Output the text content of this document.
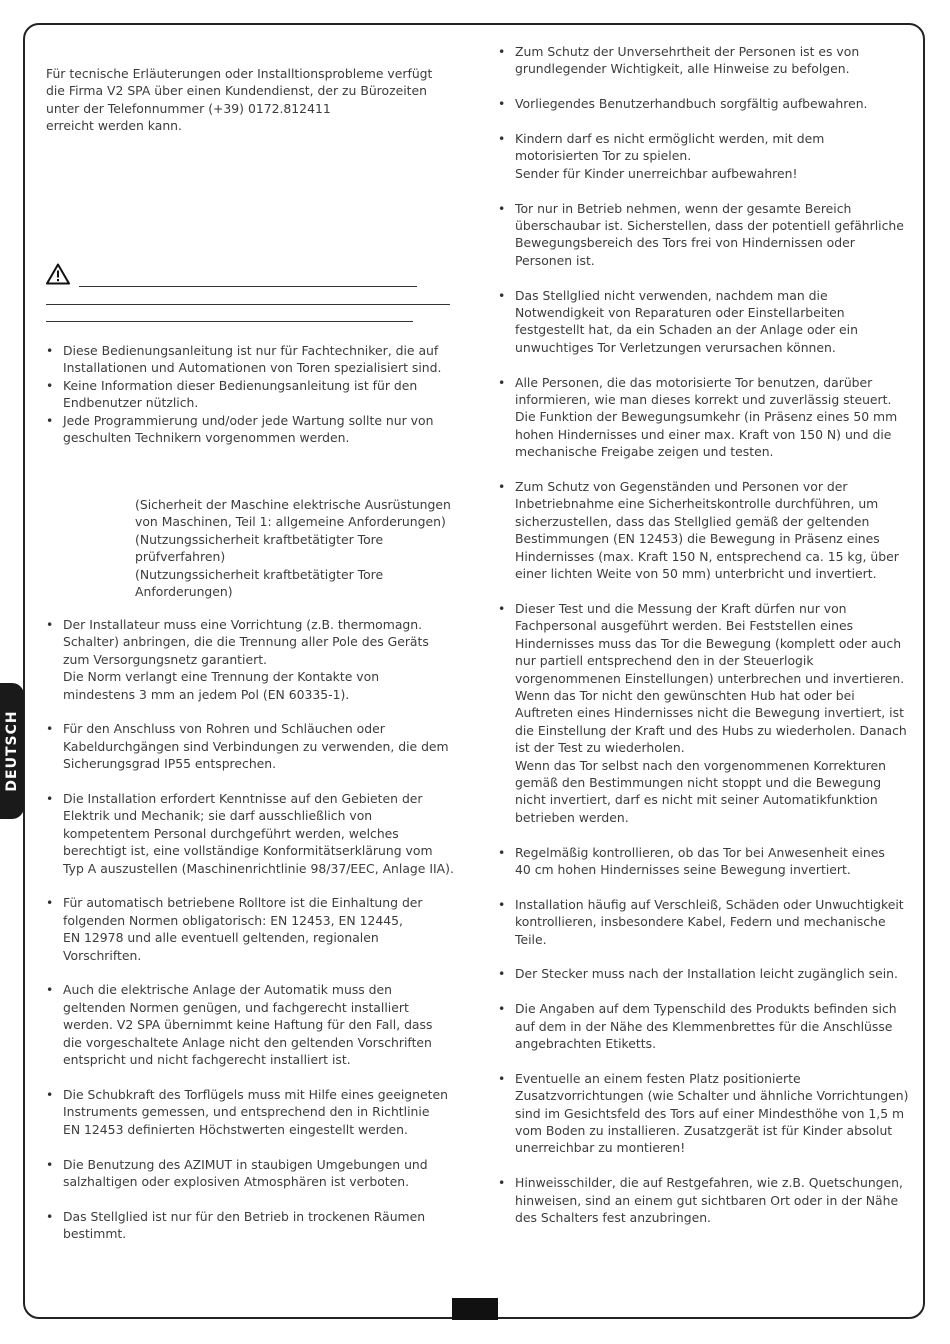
DEUTSCH

Für tecnische Erläuterungen oder Installtionsprobleme verfügt
die Firma V2 SPA über einen Kundendienst, der zu Bürozeiten
unter der Telefonnummer (+39) 0172.812411
erreicht werden kann.

• Diese Bedienungsanleitung ist nur für Fachtechniker, die auf
Installationen und Automationen von Toren spezialisiert sind.
• Keine Information dieser Bedienungsanleitung ist für den
Endbenutzer nützlich.
• Jede Programmierung und/oder jede Wartung sollte nur von
geschulten Technikern vorgenommen werden.
(Sicherheit der Maschine elektrische Ausrüstungen
von Maschinen, Teil 1: allgemeine Anforderungen)
(Nutzungssicherheit kraftbetätigter Tore
prüfverfahren)
(Nutzungssicherheit kraftbetätigter Tore
Anforderungen)
• Der Installateur muss eine Vorrichtung (z.B. thermomagn.
Schalter) anbringen, die die Trennung aller Pole des Geräts
zum Versorgungsnetz garantiert.
Die Norm verlangt eine Trennung der Kontakte von
mindestens 3 mm an jedem Pol (EN 60335-1).
• Für den Anschluss von Rohren und Schläuchen oder
Kabeldurchgängen sind Verbindungen zu verwenden, die dem
Sicherungsgrad IP55 entsprechen.
• Die Installation erfordert Kenntnisse auf den Gebieten der
Elektrik und Mechanik; sie darf ausschließlich von
kompetentem Personal durchgeführt werden, welches
berechtigt ist, eine vollständige Konformitätserklärung vom
Typ A auszustellen (Maschinenrichtlinie 98/37/EEC, Anlage IIA).
• Für automatisch betriebene Rolltore ist die Einhaltung der
folgenden Normen obligatorisch: EN 12453, EN 12445,
EN 12978 und alle eventuell geltenden, regionalen
Vorschriften.
• Auch die elektrische Anlage der Automatik muss den
geltenden Normen genügen, und fachgerecht installiert
werden. V2 SPA übernimmt keine Haftung für den Fall, dass
die vorgeschaltete Anlage nicht den geltenden Vorschriften
entspricht und nicht fachgerecht installiert ist.
• Die Schubkraft des Torflügels muss mit Hilfe eines geeigneten
Instruments gemessen, und entsprechend den in Richtlinie
EN 12453 definierten Höchstwerten eingestellt werden.
• Die Benutzung des AZIMUT in staubigen Umgebungen und
salzhaltigen oder explosiven Atmosphären ist verboten.
• Das Stellglied ist nur für den Betrieb in trockenen Räumen
bestimmt.
• Zum Schutz der Unversehrtheit der Personen ist es von
grundlegender Wichtigkeit, alle Hinweise zu befolgen.
• Vorliegendes Benutzerhandbuch sorgfältig aufbewahren.
• Kindern darf es nicht ermöglicht werden, mit dem
motorisierten Tor zu spielen.
Sender für Kinder unerreichbar aufbewahren!
• Tor nur in Betrieb nehmen, wenn der gesamte Bereich
überschaubar ist. Sicherstellen, dass der potentiell gefährliche
Bewegungsbereich des Tors frei von Hindernissen oder
Personen ist.
• Das Stellglied nicht verwenden, nachdem man die
Notwendigkeit von Reparaturen oder Einstellarbeiten
festgestellt hat, da ein Schaden an der Anlage oder ein
unwuchtiges Tor Verletzungen verursachen können.
• Alle Personen, die das motorisierte Tor benutzen, darüber
informieren, wie man dieses korrekt und zuverlässig steuert.
Die Funktion der Bewegungsumkehr (in Präsenz eines 50 mm
hohen Hindernisses und einer max. Kraft von 150 N) und die
mechanische Freigabe zeigen und testen.
• Zum Schutz von Gegenständen und Personen vor der
Inbetriebnahme eine Sicherheitskontrolle durchführen, um
sicherzustellen, dass das Stellglied gemäß der geltenden
Bestimmungen (EN 12453) die Bewegung in Präsenz eines
Hindernisses (max. Kraft 150 N, entsprechend ca. 15 kg, über
einer lichten Weite von 50 mm) unterbricht und invertiert.
• Dieser Test und die Messung der Kraft dürfen nur von
Fachpersonal ausgeführt werden. Bei Feststellen eines
Hindernisses muss das Tor die Bewegung (komplett oder auch
nur partiell entsprechend den in der Steuerlogik
vorgenommenen Einstellungen) unterbrechen und invertieren.
Wenn das Tor nicht den gewünschten Hub hat oder bei
Auftreten eines Hindernisses nicht die Bewegung invertiert, ist
die Einstellung der Kraft und des Hubs zu wiederholen. Danach
ist der Test zu wiederholen.
Wenn das Tor selbst nach den vorgenommenen Korrekturen
gemäß den Bestimmungen nicht stoppt und die Bewegung
nicht invertiert, darf es nicht mit seiner Automatikfunktion
betrieben werden.
• Regelmäßig kontrollieren, ob das Tor bei Anwesenheit eines
40 cm hohen Hindernisses seine Bewegung invertiert.
• Installation häufig auf Verschleiß, Schäden oder Unwuchtigkeit
kontrollieren, insbesondere Kabel, Federn und mechanische Teile.
• Der Stecker muss nach der Installation leicht zugänglich sein.
• Die Angaben auf dem Typenschild des Produkts befinden sich
auf dem in der Nähe des Klemmenbrettes für die Anschlüsse
angebrachten Etiketts.
• Eventuelle an einem festen Platz positionierte
Zusatzvorrichtungen (wie Schalter und ähnliche Vorrichtungen)
sind im Gesichtsfeld des Tors auf einer Mindesthöhe von 1,5 m
vom Boden zu installieren. Zusatzgerät ist für Kinder absolut
unerreichbar zu montieren!
• Hinweisschilder, die auf Restgefahren, wie z.B. Quetschungen,
hinweisen, sind an einem gut sichtbaren Ort oder in der Nähe
des Schalters fest anzubringen.
